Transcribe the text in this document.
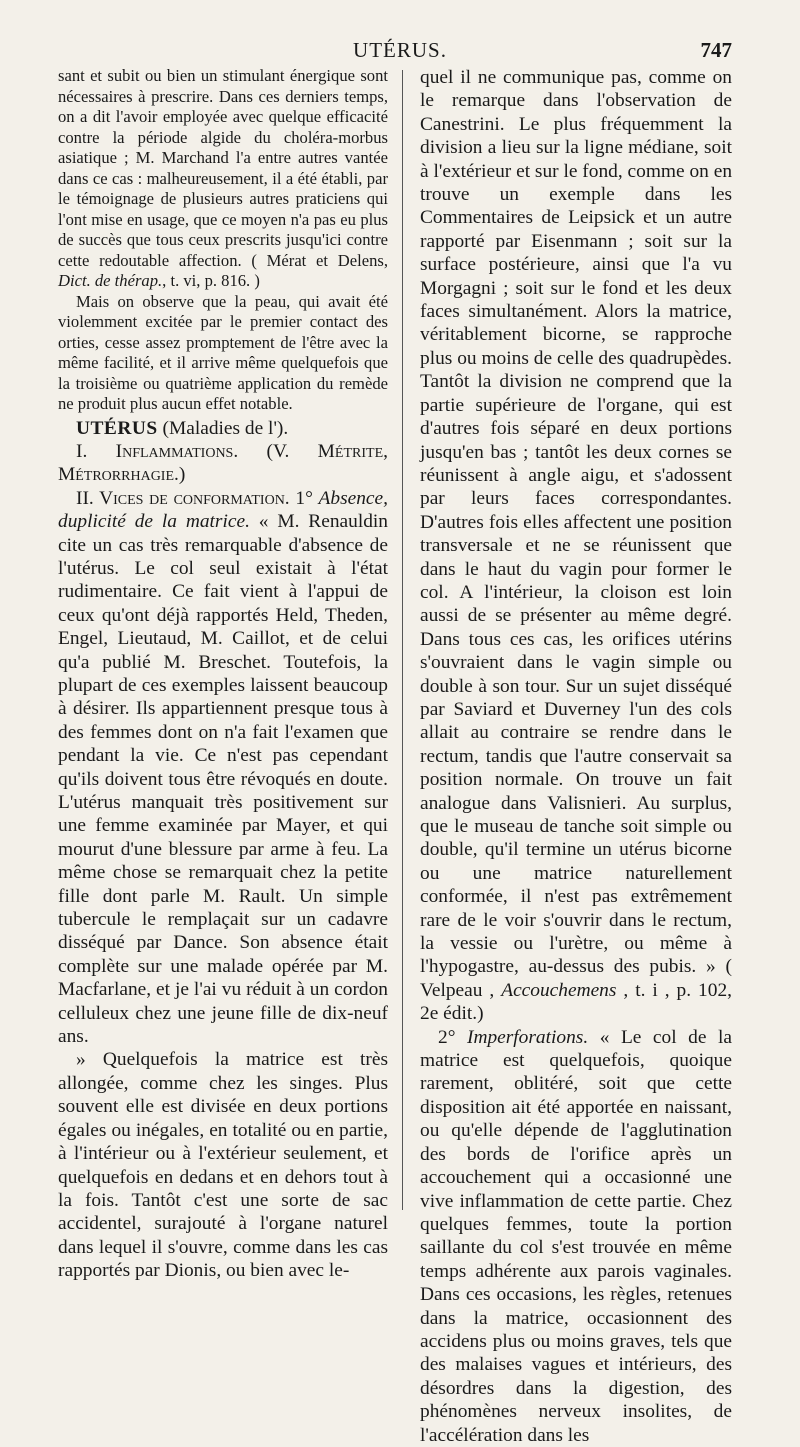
UTÉRUS.	747

sant et subit ou bien un stimulant énergique sont nécessaires à prescrire. Dans ces derniers temps, on a dit l'avoir employée avec quelque efficacité contre la période algide du choléra-morbus asiatique ; M. Marchand l'a entre autres vantée dans ce cas : malheureusement, il a été établi, par le témoignage de plusieurs autres praticiens qui l'ont mise en usage, que ce moyen n'a pas eu plus de succès que tous ceux prescrits jusqu'ici contre cette redoutable affection. ( Mérat et Delens, Dict. de thérap., t. vi, p. 816. )

Mais on observe que la peau, qui avait été violemment excitée par le premier contact des orties, cesse assez promptement de l'être avec la même facilité, et il arrive même quelquefois que la troisième ou quatrième application du remède ne produit plus aucun effet notable.

UTÉRUS (Maladies de l').

I. Inflammations. (V. Métrite, Métrorrhagie.)

II. Vices de conformation. 1° Absence, duplicité de la matrice. « M. Renauldin cite un cas très remarquable d'absence de l'utérus. Le col seul existait à l'état rudimentaire. Ce fait vient à l'appui de ceux qu'ont déjà rapportés Held, Theden, Engel, Lieutaud, M. Caillot, et de celui qu'a publié M. Breschet. Toutefois, la plupart de ces exemples laissent beaucoup à désirer. Ils appartiennent presque tous à des femmes dont on n'a fait l'examen que pendant la vie. Ce n'est pas cependant qu'ils doivent tous être révoqués en doute. L'utérus manquait très positivement sur une femme examinée par Mayer, et qui mourut d'une blessure par arme à feu. La même chose se remarquait chez la petite fille dont parle M. Rault. Un simple tubercule le remplaçait sur un cadavre disséqué par Dance. Son absence était complète sur une malade opérée par M. Macfarlane, et je l'ai vu réduit à un cordon celluleux chez une jeune fille de dix-neuf ans.

» Quelquefois la matrice est très allongée, comme chez les singes. Plus souvent elle est divisée en deux portions égales ou inégales, en totalité ou en partie, à l'intérieur ou à l'extérieur seulement, et quelquefois en dedans et en dehors tout à la fois. Tantôt c'est une sorte de sac accidentel, surajouté à l'organe naturel dans lequel il s'ouvre, comme dans les cas rapportés par Dionis, ou bien avec le-

quel il ne communique pas, comme on le remarque dans l'observation de Canestrini. Le plus fréquemment la division a lieu sur la ligne médiane, soit à l'extérieur et sur le fond, comme on en trouve un exemple dans les Commentaires de Leipsick et un autre rapporté par Eisenmann ; soit sur la surface postérieure, ainsi que l'a vu Morgagni ; soit sur le fond et les deux faces simultanément. Alors la matrice, véritablement bicorne, se rapproche plus ou moins de celle des quadrupèdes. Tantôt la division ne comprend que la partie supérieure de l'organe, qui est d'autres fois séparé en deux portions jusqu'en bas ; tantôt les deux cornes se réunissent à angle aigu, et s'adossent par leurs faces correspondantes. D'autres fois elles affectent une position transversale et ne se réunissent que dans le haut du vagin pour former le col. A l'intérieur, la cloison est loin aussi de se présenter au même degré. Dans tous ces cas, les orifices utérins s'ouvraient dans le vagin simple ou double à son tour. Sur un sujet disséqué par Saviard et Duverney l'un des cols allait au contraire se rendre dans le rectum, tandis que l'autre conservait sa position normale. On trouve un fait analogue dans Valisnieri. Au surplus, que le museau de tanche soit simple ou double, qu'il termine un utérus bicorne ou une matrice naturellement conformée, il n'est pas extrêmement rare de le voir s'ouvrir dans le rectum, la vessie ou l'urètre, ou même à l'hypogastre, au-dessus des pubis. » ( Velpeau , Accouchemens , t. i , p. 102, 2e édit.)

2° Imperforations. « Le col de la matrice est quelquefois, quoique rarement, oblitéré, soit que cette disposition ait été apportée en naissant, ou qu'elle dépende de l'agglutination des bords de l'orifice après un accouchement qui a occasionné une vive inflammation de cette partie. Chez quelques femmes, toute la portion saillante du col s'est trouvée en même temps adhérente aux parois vaginales. Dans ces occasions, les règles, retenues dans la matrice, occasionnent des accidens plus ou moins graves, tels que des malaises vagues et intérieurs, des désordres dans la digestion, des phénomènes nerveux insolites, de l'accélération dans les
